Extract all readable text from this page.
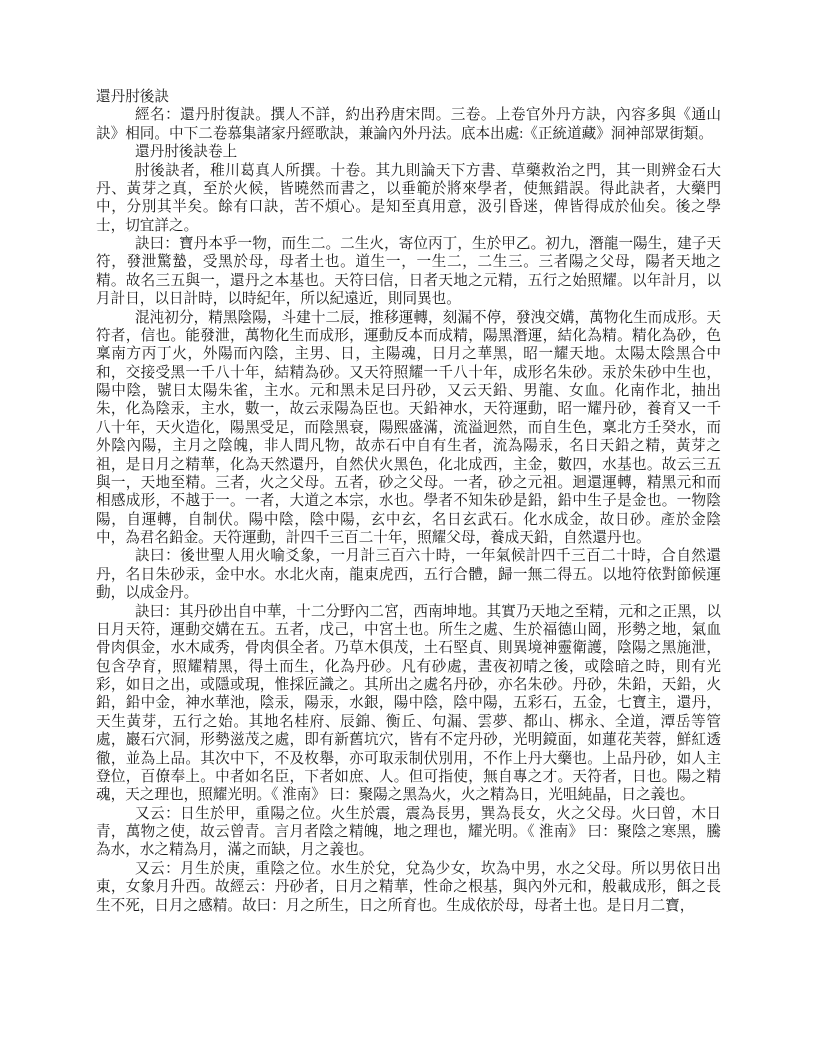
還丹肘後訣

經名：還丹肘復訣。撰人不詳，約出矜唐宋問。三卷。上卷官外丹方訣，內容多與《通山訣》相同。中下二卷慕集諸家丹經歌訣，兼論內外丹法。底本出處:《正統道藏》洞神部眾街類。

還丹肘後訣卷上

肘後訣者，稚川葛真人所撰。十卷。其九則論天下方書、草藥救治之門，其一則辨金石大丹、黃芽之真，至於火候，皆曉然而書之，以垂範於將來學者，使無錯誤。得此訣者，大藥門中，分別其半矣。餘有口訣，苦不煩心。是知至真用意，汲引昏迷，俾皆得成於仙矣。後之學士，切宜詳之。

訣曰：寶丹本乎一物，而生二。二生火，寄位丙丁，生於甲乙。初九，潛龍一陽生，建子天符，發泄驚蟄，受黑於母，母者土也。道生一，一生二，二生三。三者陽之父母，陽者天地之精。故名三五與一，還丹之本基也。天符曰信，日者天地之元精，五行之始照耀。以年計月，以月計日，以日計時，以時紀年，所以紀遠近，則同異也。

混沌初分，精黑陰陽，斗建十二辰，推移運轉，刻漏不停，發洩交媾，萬物化生而成形。天符者，信也。能發泄，萬物化生而成形，運動反本而成精，陽黑潛運，結化為精。精化為砂，色稟南方丙丁火，外陽而內陰，主男、日，主陽魂，日月之華黑，昭一耀天地。太陽太陰黑合中和，交接受黑一千八十年，結精為砂。又天符照耀一千八十年，成形名朱砂。汞於朱砂中生也，陽中陰，號日太陽朱雀，主水。元和黑未足曰丹砂，又云天鉛、男龍、女血。化南作北，抽出朱，化為陰汞，主水，數一，故云汞陽為臣也。天鉛神水，天符運動，昭一耀丹砂，養育又一千八十年，天火造化，陽黑受足，而陰黑衰，陽熙盛滿，流溢迥然，而自生色，稟北方壬癸水，而外陰內陽，主月之陰魄，非人問凡物，故赤石中自有生者，流為陽汞，名日天鉛之精，黃芽之祖，是日月之精華，化為天然還丹，自然伏火黑色，化北成西，主金，數四，水基也。故云三五與一，天地至精。三者，火之父母。五者，砂之父母。一者，砂之元祖。迴還運轉，精黑元和而相感成形，不越于一。一者，大道之本宗，水也。學者不知朱砂是鉛，鉛中生子是金也。一物陰陽，自運轉，自制伏。陽中陰，陰中陽，玄中玄，名日玄武石。化水成金，故日砂。產於金陰中，為君名鉛金。天符運動，計四千三百二十年，照耀父母，養成天鉛，自然還丹也。

訣曰：後世聖人用火喻爻象，一月計三百六十時，一年氣候計四千三百二十時，合自然還丹，名日朱砂汞，金中水。水北火南，龍東虎西，五行合體，歸一無二得五。以地符依對節候運動，以成金丹。

訣曰：其丹砂出自中華，十二分野內二宮，西南坤地。其實乃天地之至精，元和之正黑，以日月天符，運動交媾在五。五者，戊己，中宮土也。所生之處、生於福德山岡，形勢之地，氣血骨肉俱金，水木咸秀，骨肉俱全者。乃草木俱茂，土石堅貞、則異境神靈衛護，陰陽之黑施泄，包含孕育，照耀精黑，得土而生，化為丹砂。凡有砂處，晝夜初晴之後，或陰暗之時，則有光彩，如日之出，或隱或現，惟採匠識之。其所出之處名丹砂，亦名朱砂。丹砂，朱鉛，天鉛，火鉛，鉛中金，神水華池，陰汞，陽汞，水銀，陽中陰，陰中陽，五彩石，五金，七寶主，還丹，天生黃芽，五行之始。其地名桂府、辰錦、衡丘、句漏、雲夢、都山、梆永、全道，潭岳等管處，巖石穴洞，形勢滋茂之處，即有新舊坑穴，皆有不定丹砂，光明鏡面，如蓮花芙蓉，鮮紅透徹，並為上品。其次中下，不及枚舉，亦可取汞制伏別用，不作上丹大藥也。上品丹砂，如人主登位，百僚奉上。中者如名臣，下者如庶、人。但可指使，無自專之才。天符者，日也。陽之精魂，天之理也，照耀光明。《 淮南》 曰：聚陽之黑為火，火之精為日，光咀純晶，日之義也。

又云：日生於甲，重陽之位。火生於震，震為長男，巽為長女，火之父母。火曰曾，木日青，萬物之使，故云曾青。言月者陰之精魄，地之理也，耀光明。《 淮南》 曰：聚陰之寒黑，騰為水，水之精為月，滿之而缺，月之義也。

又云：月生於庚，重陰之位。水生於兌，兌為少女，坎為中男，水之父母。所以男依日出東，女象月升西。故經云：丹砂者，日月之精華，性命之根基，與內外元和，般載成形，餌之長生不死，日月之感精。故曰：月之所生，日之所育也。生成依於母，母者土也。是日月二寶，
